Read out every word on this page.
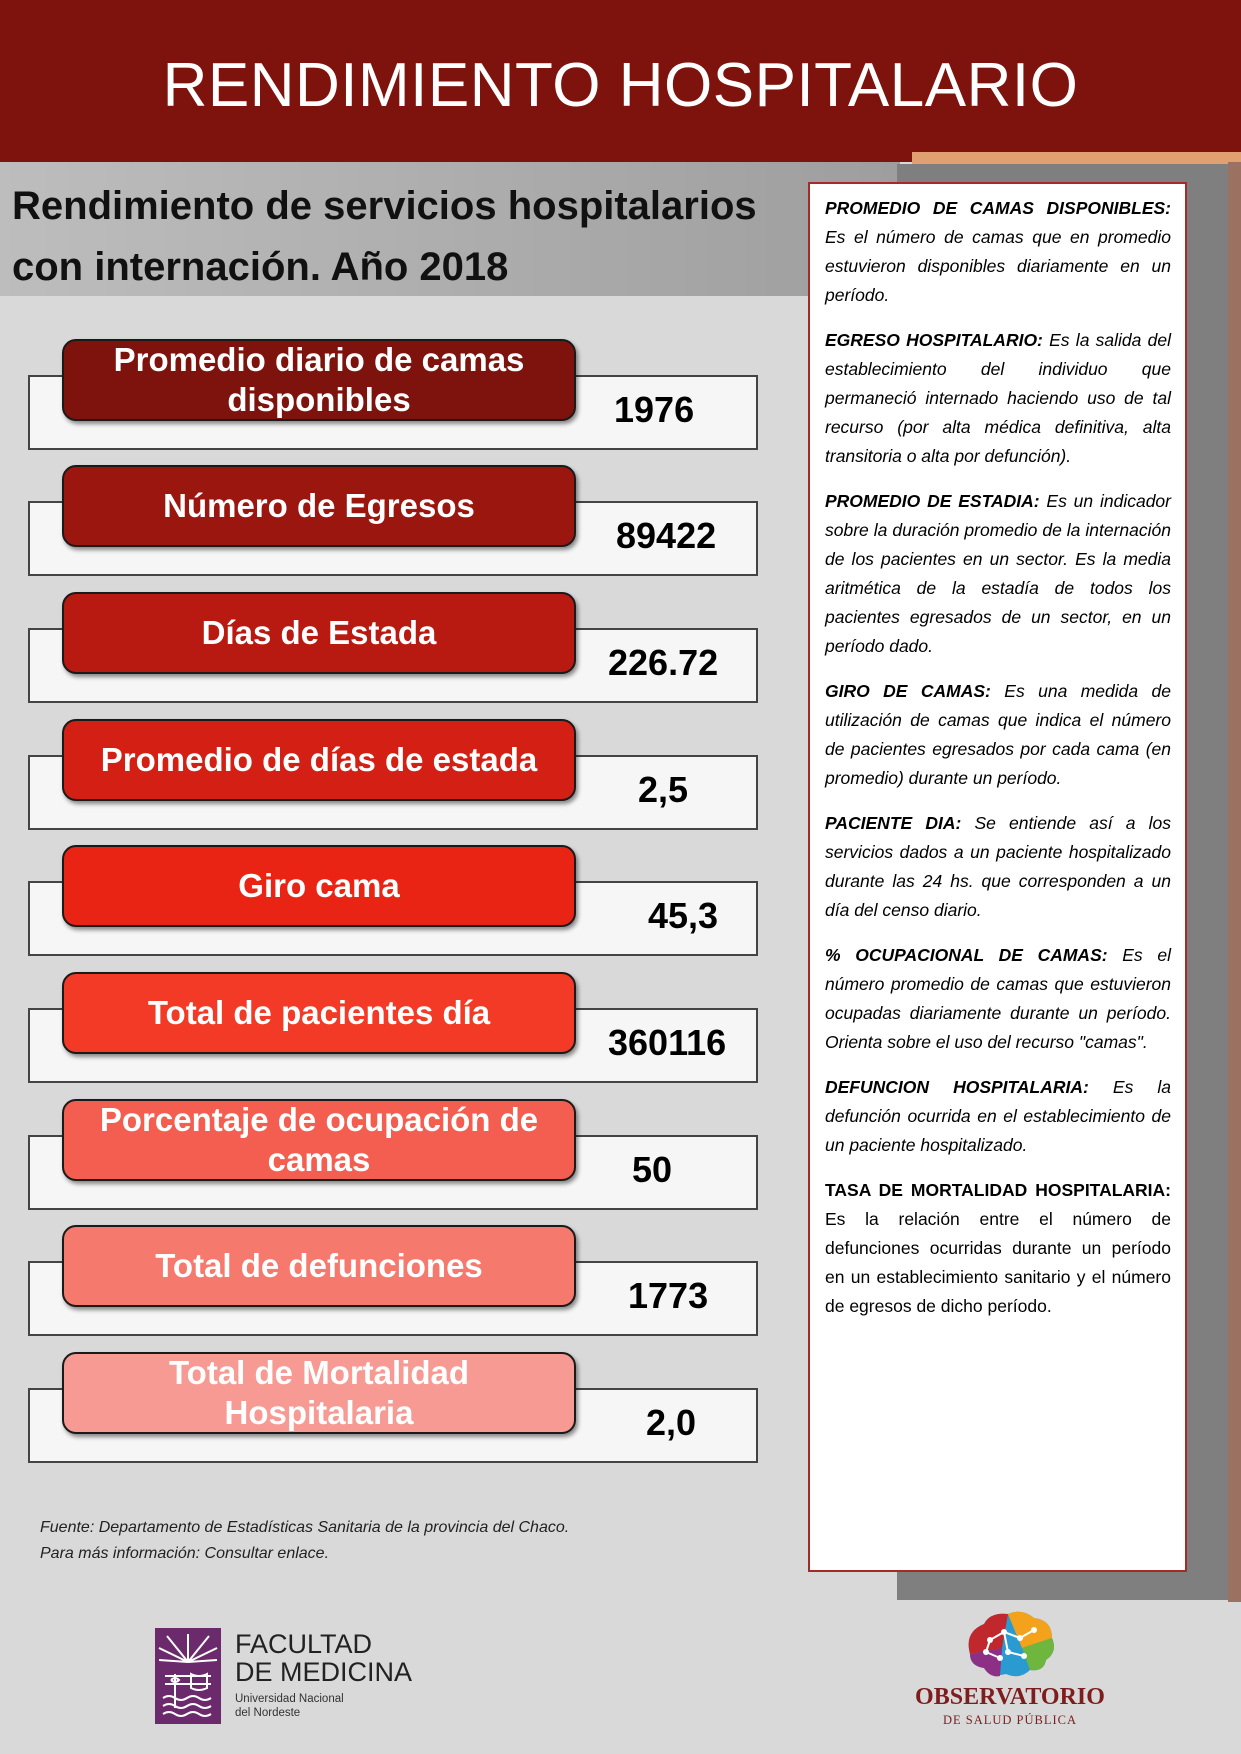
RENDIMIENTO HOSPITALARIO
Rendimiento de servicios hospitalarios
con internación. Año 2018

PROMEDIO DE CAMAS DISPONIBLES: Es el número de camas que en promedio estuvieron disponibles diariamente en un período.

EGRESO HOSPITALARIO: Es la salida del establecimiento del individuo que permaneció internado haciendo uso de tal recurso (por alta médica definitiva, alta transitoria o alta por defunción).

PROMEDIO DE ESTADIA: Es un indicador sobre la duración promedio de la internación de los pacientes en un sector. Es la media aritmética de la estadía de todos los pacientes egresados de un sector, en un período dado.

GIRO DE CAMAS: Es una medida de utilización de camas que indica el número de pacientes egresados por cada cama (en promedio) durante un período.

PACIENTE DIA: Se entiende así a los servicios dados a un paciente hospitalizado durante las 24 hs. que corresponden a un día del censo diario.

% OCUPACIONAL DE CAMAS: Es el número promedio de camas que estuvieron ocupadas diariamente durante un período. Orienta sobre el uso del recurso "camas".

DEFUNCION HOSPITALARIA: Es la defunción ocurrida en el establecimiento de un paciente hospitalizado.

TASA DE MORTALIDAD HOSPITALARIA: Es la relación entre el número de defunciones ocurridas durante un período en un establecimiento sanitario y el número de egresos de dicho período.

1976
Promedio diario de camas disponibles
89422
Número de Egresos
226.72
Días de Estada
2,5
Promedio de días de estada
45,3
Giro cama
360116
Total de pacientes día
50
Porcentaje de ocupación de camas
1773
Total de defunciones
2,0
Total de Mortalidad Hospitalaria
Fuente: Departamento de Estadísticas Sanitaria de la provincia del Chaco.
Para más información: Consultar enlace.
FACULTAD
DE MEDICINA
Universidad Nacional
del Nordeste
OBSERVATORIO
DE SALUD PÚBLICA
